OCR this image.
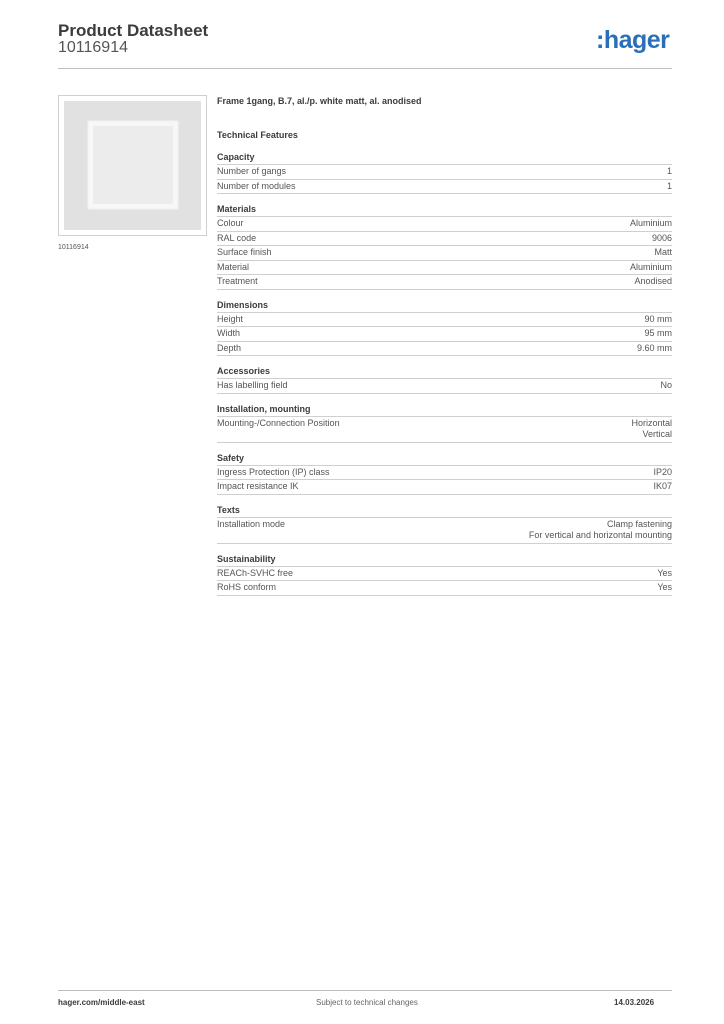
Product Datasheet
10116914	:hager
10116914
Frame 1gang, B.7, al./p. white matt, al. anodised
Technical Features
Capacity
Number of gangs	1
Number of modules	1
Materials
Colour	Aluminium
RAL code	9006
Surface finish	Matt
Material	Aluminium
Treatment	Anodised
Dimensions
Height	90 mm
Width	95 mm
Depth	9.60 mm
Accessories
Has labelling field	No
Installation, mounting
Mounting-/Connection Position	Horizontal
Vertical
Safety
Ingress Protection (IP) class	IP20
Impact resistance IK	IK07
Texts
Installation mode	Clamp fastening
For vertical and horizontal mounting
Sustainability
REACh-SVHC free	Yes
RoHS conform	Yes
hager.com/middle-east	Subject to technical changes	14.03.2026
